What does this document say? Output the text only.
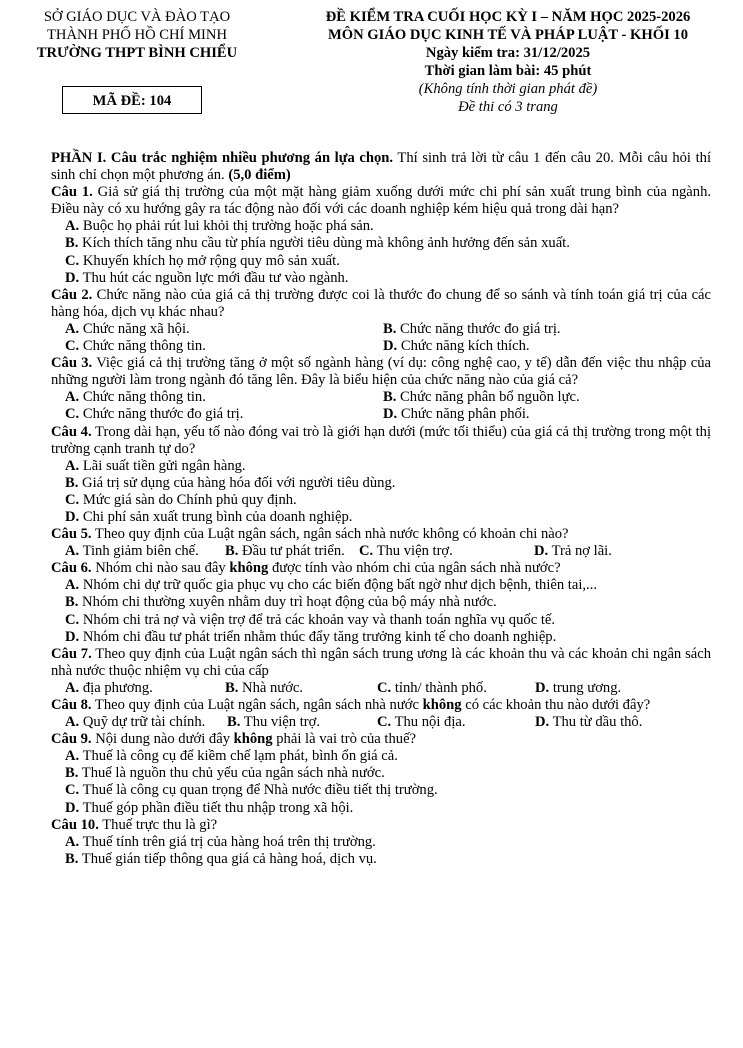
SỞ GIÁO DỤC VÀ ĐÀO TẠO
THÀNH PHỐ HỒ CHÍ MINH
TRƯỜNG THPT BÌNH CHIỂU
MÃ ĐỀ: 104
ĐỀ KIỂM TRA CUỐI HỌC KỲ I – NĂM HỌC 2025-2026
MÔN GIÁO DỤC KINH TẾ VÀ PHÁP LUẬT - KHỐI 10
Ngày kiểm tra: 31/12/2025
Thời gian làm bài: 45 phút
(Không tính thời gian phát đề)
Đề thi có 3 trang

PHẦN I. Câu trắc nghiệm nhiều phương án lựa chọn. Thí sinh trả lời từ câu 1 đến câu 20. Mỗi câu hỏi thí sinh chỉ chọn một phương án. (5,0 điểm)

Câu 1. Giả sử giá thị trường của một mặt hàng giảm xuống dưới mức chi phí sản xuất trung bình của ngành. Điều này có xu hướng gây ra tác động nào đối với các doanh nghiệp kém hiệu quả trong dài hạn?

A. Buộc họ phải rút lui khỏi thị trường hoặc phá sản.

B. Kích thích tăng nhu cầu từ phía người tiêu dùng mà không ảnh hưởng đến sản xuất.

C. Khuyến khích họ mở rộng quy mô sản xuất.

D. Thu hút các nguồn lực mới đầu tư vào ngành.

Câu 2. Chức năng nào của giá cả thị trường được coi là thước đo chung để so sánh và tính toán giá trị của các hàng hóa, dịch vụ khác nhau?

A. Chức năng xã hội.	B. Chức năng thước đo giá trị.
C. Chức năng thông tin.	D. Chức năng kích thích.

Câu 3. Việc giá cả thị trường tăng ở một số ngành hàng (ví dụ: công nghệ cao, y tế) dẫn đến việc thu nhập của những người làm trong ngành đó tăng lên. Đây là biểu hiện của chức năng nào của giá cả?

A. Chức năng thông tin.	B. Chức năng phân bổ nguồn lực.
C. Chức năng thước đo giá trị.	D. Chức năng phân phối.

Câu 4. Trong dài hạn, yếu tố nào đóng vai trò là giới hạn dưới (mức tối thiểu) của giá cả thị trường trong một thị trường cạnh tranh tự do?

A. Lãi suất tiền gửi ngân hàng.

B. Giá trị sử dụng của hàng hóa đối với người tiêu dùng.

C. Mức giá sàn do Chính phủ quy định.

D. Chi phí sản xuất trung bình của doanh nghiệp.

Câu 5. Theo quy định của Luật ngân sách, ngân sách nhà nước không có khoản chi nào?

A. Tinh giảm biên chế.	B. Đầu tư phát triển. C. Thu viện trợ.	D. Trả nợ lãi.

Câu 6. Nhóm chi nào sau đây không được tính vào nhóm chi của ngân sách nhà nước?

A. Nhóm chi dự trữ quốc gia phục vụ cho các biến động bất ngờ như dịch bệnh, thiên tai,...

B. Nhóm chi thường xuyên nhằm duy trì hoạt động của bộ máy nhà nước.

C. Nhóm chi trả nợ và viện trợ để trả các khoản vay và thanh toán nghĩa vụ quốc tế.

D. Nhóm chi đầu tư phát triển nhằm thúc đẩy tăng trưởng kinh tế cho doanh nghiệp.

Câu 7. Theo quy định của Luật ngân sách thì ngân sách trung ương là các khoản thu và các khoản chi ngân sách nhà nước thuộc nhiệm vụ chi của cấp

A. địa phương.	B. Nhà nước.	C. tỉnh/ thành phố.	D. trung ương.

Câu 8. Theo quy định của Luật ngân sách, ngân sách nhà nước không có các khoản thu nào dưới đây?

A. Quỹ dự trữ tài chính.	B. Thu viện trợ.	C. Thu nội địa.	D. Thu từ dầu thô.

Câu 9. Nội dung nào dưới đây không phải là vai trò của thuế?

A. Thuế là công cụ để kiềm chế lạm phát, bình ổn giá cả.

B. Thuế là nguồn thu chủ yếu của ngân sách nhà nước.

C. Thuế là công cụ quan trọng để Nhà nước điều tiết thị trường.

D. Thuế góp phần điều tiết thu nhập trong xã hội.

Câu 10. Thuế trực thu là gì?

A. Thuế tính trên giá trị của hàng hoá trên thị trường.

B. Thuế gián tiếp thông qua giá cả hàng hoá, dịch vụ.
